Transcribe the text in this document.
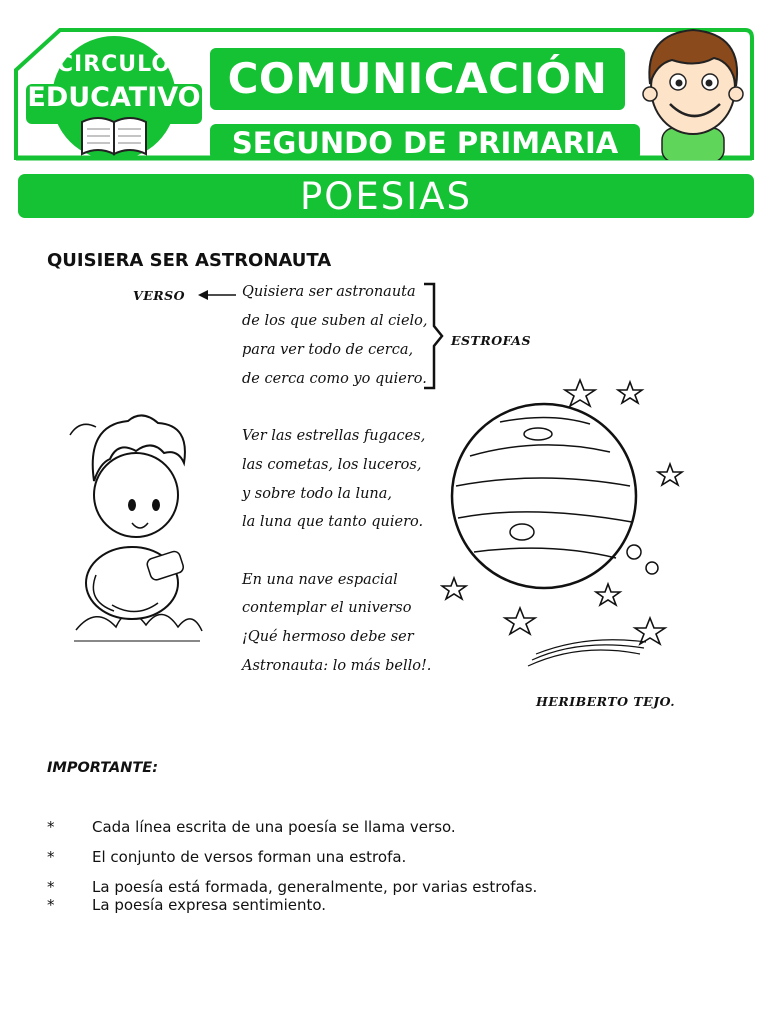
CIRCULO
EDUCATIVO COMUNICACIÓN
SEGUNDO DE PRIMARIA
POESIAS
QUISIERA SER ASTRONAUTA
VERSO	Quisiera ser astronauta
de los que suben al cielo,
para ver todo de cerca,
de cerca como yo quiero.
ESTROFAS
Ver las estrellas fugaces,
las cometas, los luceros,
y sobre todo la luna,
la luna que tanto quiero.
En una nave espacial
contemplar el universo
¡Qué hermoso debe ser
Astronauta: lo más bello!.
HERIBERTO TEJO.
IMPORTANTE:
*	Cada línea escrita de una poesía se llama verso.
*	El conjunto de versos forman una estrofa.
*	La poesía está formada, generalmente, por varias estrofas.
*	La poesía expresa sentimiento.
